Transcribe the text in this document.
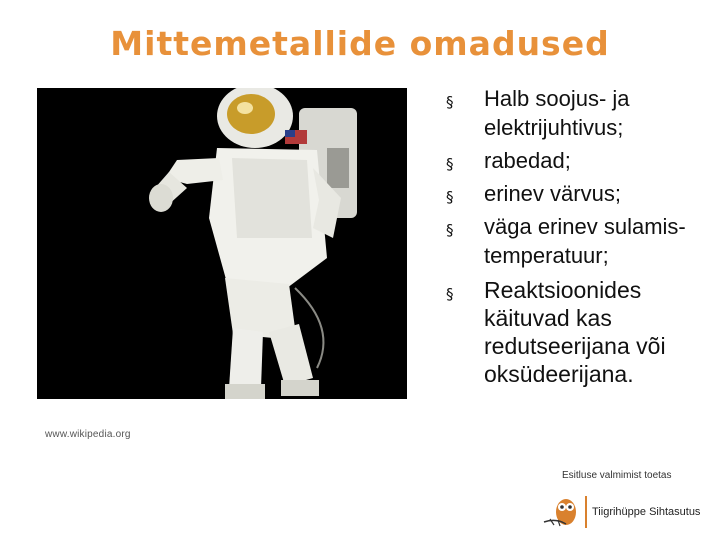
Mittemetallide omadused
www.wikipedia.org
§ Halb soojus- ja elektrijuhtivus;
§ rabedad;
§ erinev värvus;
§ väga erinev sulamis-temperatuur;
§ Reaktsioonides käituvad kas redutseerijana või oksüdeerijana.
Esitluse valmimist toetas
Tiigrihüppe Sihtasutus
